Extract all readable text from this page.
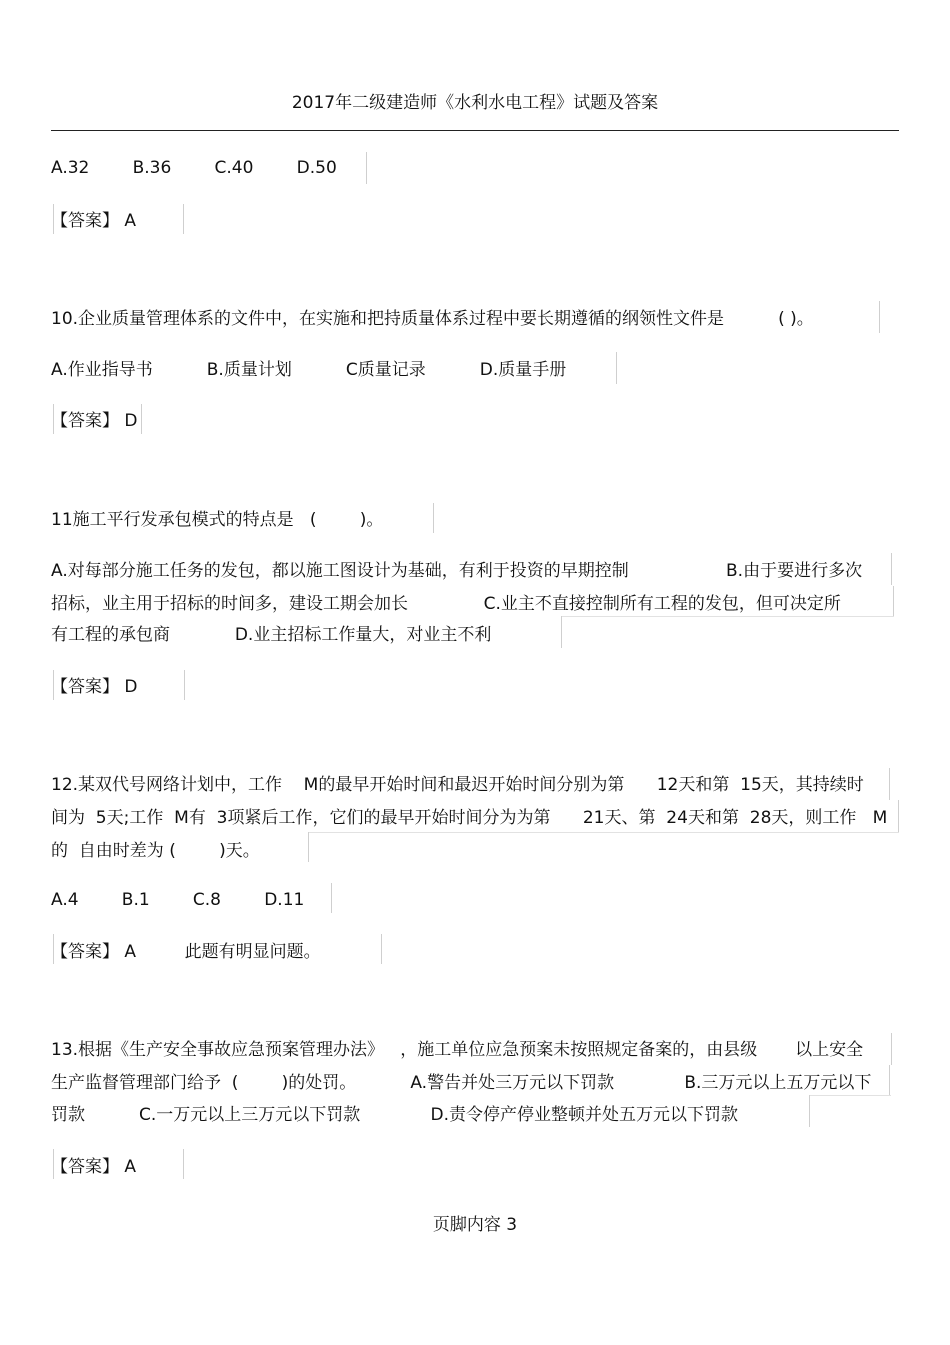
2017年二级建造师《水利水电工程》试题及答案
A.32        B.36        C.40        D.50
【答案】 A
10.企业质量管理体系的文件中，在实施和把持质量体系过程中要长期遵循的纲领性文件是          ( )。
A.作业指导书          B.质量计划          C质量记录          D.质量手册
【答案】 D
11施工平行发承包模式的特点是   (        )。
A.对每部分施工任务的发包，都以施工图设计为基础，有利于投资的早期控制                  B.由于要进行多次
招标，业主用于招标的时间多，建设工期会加长              C.业主不直接控制所有工程的发包，但可决定所
有工程的承包商            D.业主招标工作量大，对业主不利
【答案】 D
12.某双代号网络计划中，工作    M的最早开始时间和最迟开始时间分别为第      12天和第  15天，其持续时
间为  5天;工作  M有  3项紧后工作，它们的最早开始时间分为为第      21天、第  24天和第  28天，则工作   M
的  自由时差为 (        )天。
A.4        B.1        C.8        D.11
【答案】 A         此题有明显问题。
13.根据《生产安全事故应急预案管理办法》   ，施工单位应急预案未按照规定备案的，由县级       以上安全
生产监督管理部门给予  (        )的处罚。          A.警告并处三万元以下罚款             B.三万元以上五万元以下
罚款          C.一万元以上三万元以下罚款             D.责令停产停业整顿并处五万元以下罚款
【答案】 A
页脚内容 3
